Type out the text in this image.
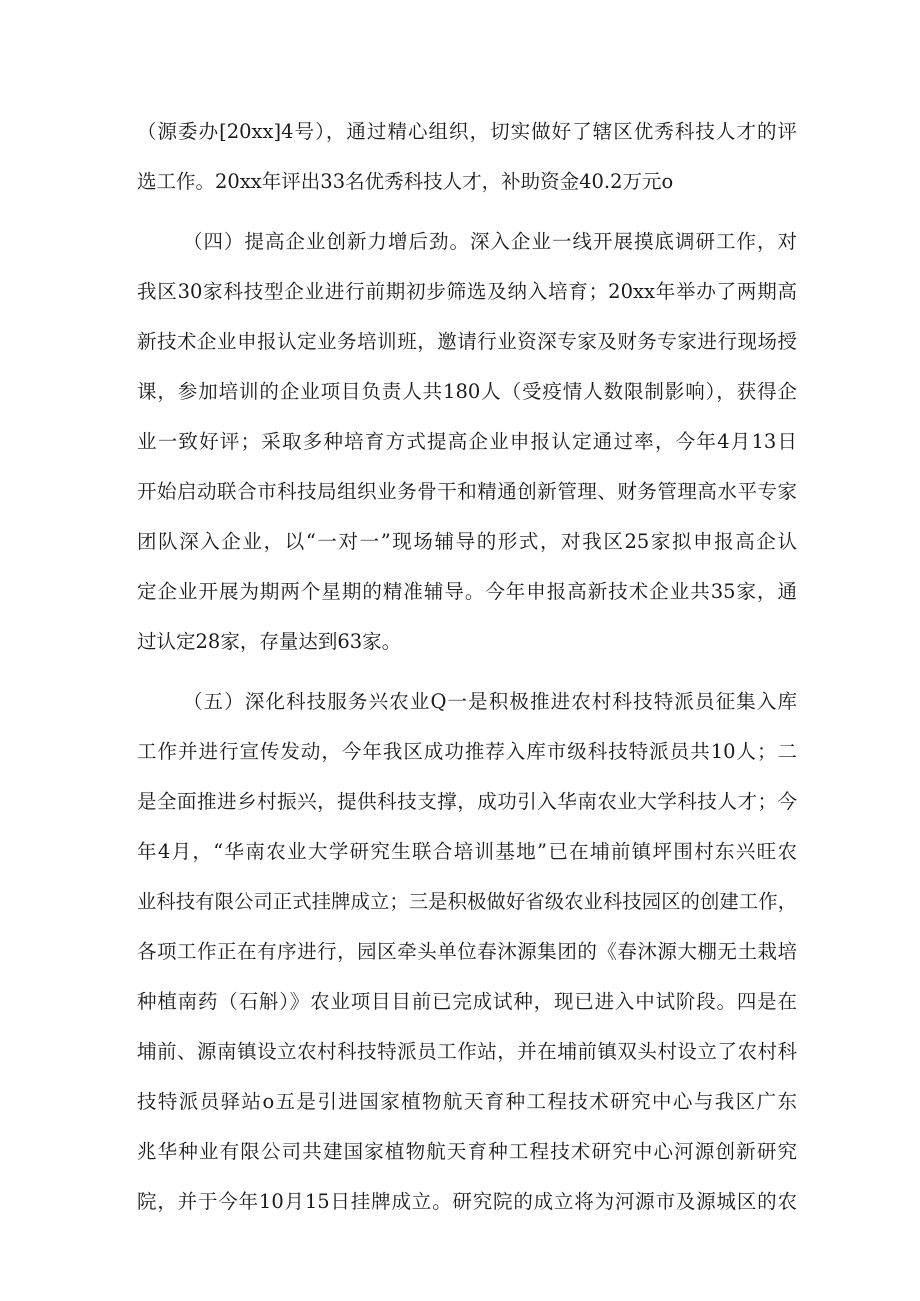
（源委办[20xx]4号），通过精心组织，切实做好了辖区优秀科技人才的评
选工作。20xx年评出33名优秀科技人才，补助资金40.2万元o
（四）提高企业创新力增后劲。深入企业一线开展摸底调研工作，对
我区30家科技型企业进行前期初步筛选及纳入培育；20xx年举办了两期高
新技术企业申报认定业务培训班，邀请行业资深专家及财务专家进行现场授
课，参加培训的企业项目负责人共180人（受疫情人数限制影响），获得企
业一致好评；采取多种培育方式提高企业申报认定通过率，今年4月13日
开始启动联合市科技局组织业务骨干和精通创新管理、财务管理高水平专家
团队深入企业，以“一对一”现场辅导的形式，对我区25家拟申报高企认
定企业开展为期两个星期的精准辅导。今年申报高新技术企业共35家，通
过认定28家，存量达到63家。
（五）深化科技服务兴农业Q一是积极推进农村科技特派员征集入库
工作并进行宣传发动，今年我区成功推荐入库市级科技特派员共10人；二
是全面推进乡村振兴，提供科技支撑，成功引入华南农业大学科技人才；今
年4月，“华南农业大学研究生联合培训基地”已在埔前镇坪围村东兴旺农
业科技有限公司正式挂牌成立；三是积极做好省级农业科技园区的创建工作，
各项工作正在有序进行，园区牵头单位春沐源集团的《春沐源大棚无土栽培
种植南药（石斛）》农业项目目前已完成试种，现已进入中试阶段。四是在
埔前、源南镇设立农村科技特派员工作站，并在埔前镇双头村设立了农村科
技特派员驿站o五是引进国家植物航天育种工程技术研究中心与我区广东
兆华种业有限公司共建国家植物航天育种工程技术研究中心河源创新研究
院，并于今年10月15日挂牌成立。研究院的成立将为河源市及源城区的农
